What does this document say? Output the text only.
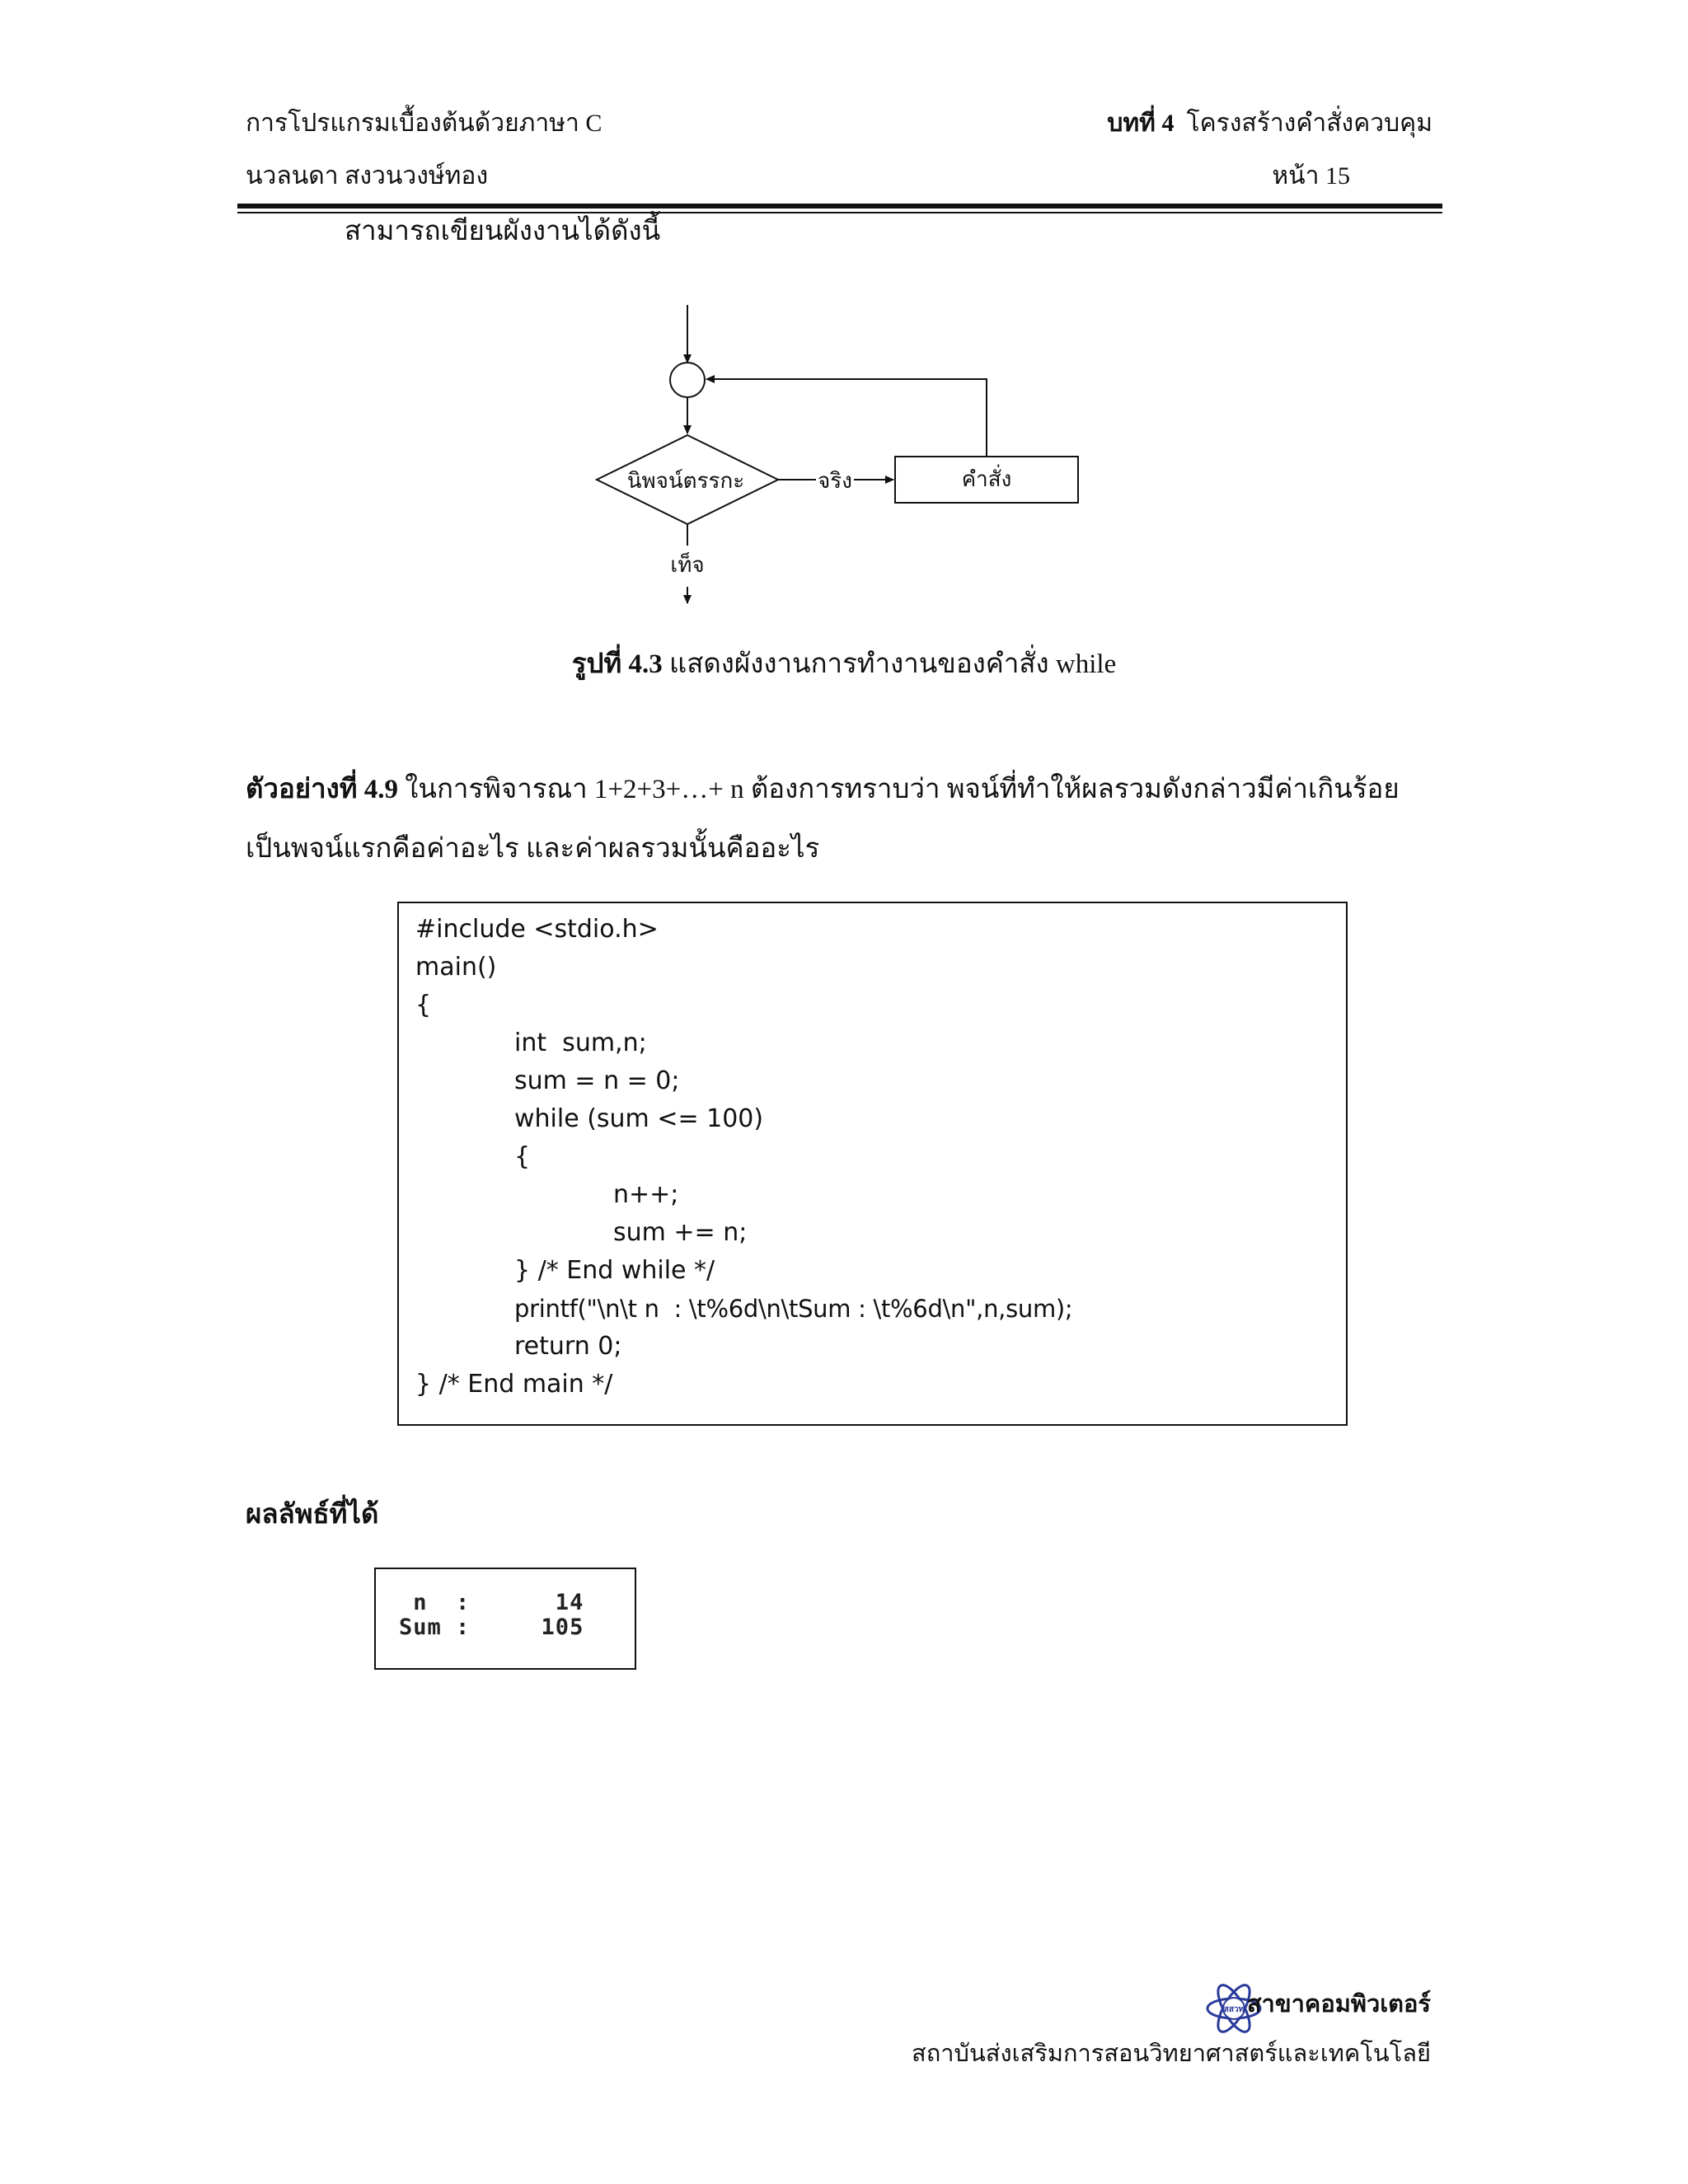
การโปรแกรมเบื้องต้นด้วยภาษา C	บทที่ 4 โครงสร้างคำสั่งควบคุม
นวลนดา สงวนวงษ์ทอง	หน้า 15
สามารถเขียนผังงานได้ดังนี้
นิพจน์ตรรกะ	จริง	คำสั่ง
เท็จ
รูปที่ 4.3 แสดงผังงานการทำงานของคำสั่ง while
ตัวอย่างที่ 4.9 ในการพิจารณา 1+2+3+…+ n ต้องการทราบว่า พจน์ที่ทำให้ผลรวมดังกล่าวมีค่าเกินร้อย
เป็นพจน์แรกคือค่าอะไร และค่าผลรวมนั้นคืออะไร
#include <stdio.h>
main()
{
int  sum,n;
sum = n = 0;
while (sum <= 100)
{
n++;
sum += n;
} /* End while */
printf("\n\t n  : \t%6d\n\tSum : \t%6d\n",n,sum);
return 0;
} /* End main */
ผลลัพธ์ที่ได้
n  :      14
Sum :     105
สสวท สาขาคอมพิวเตอร์
สถาบันส่งเสริมการสอนวิทยาศาสตร์และเทคโนโลยี
